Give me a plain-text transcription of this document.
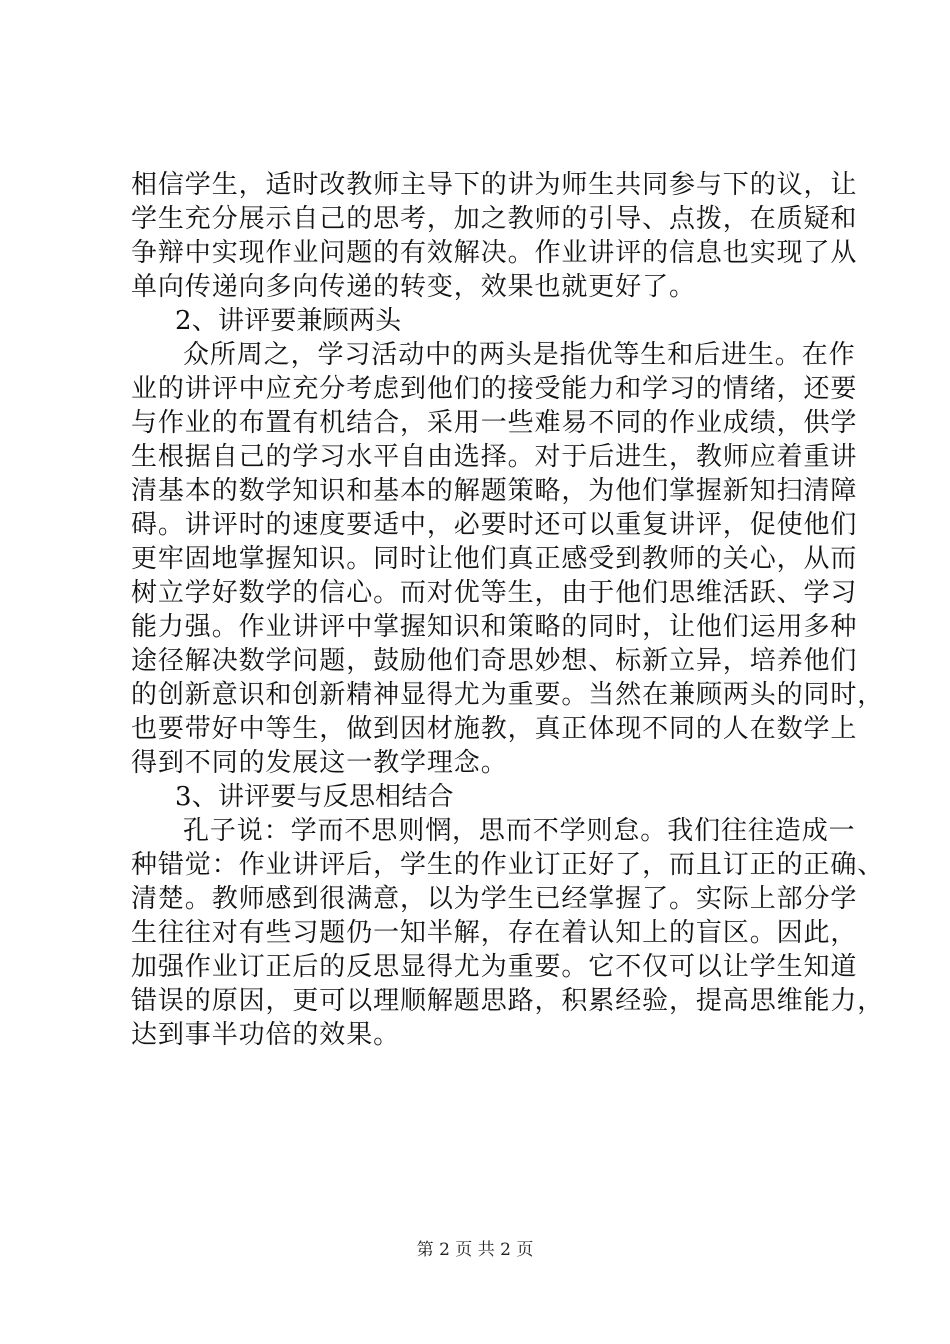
相信学生，适时改教师主导下的讲为师生共同参与下的议，让
学生充分展示自己的思考，加之教师的引导、点拨，在质疑和
争辩中实现作业问题的有效解决。作业讲评的信息也实现了从
单向传递向多向传递的转变，效果也就更好了。
2、讲评要兼顾两头
众所周之，学习活动中的两头是指优等生和后进生。在作
业的讲评中应充分考虑到他们的接受能力和学习的情绪，还要
与作业的布置有机结合，采用一些难易不同的作业成绩，供学
生根据自己的学习水平自由选择。对于后进生，教师应着重讲
清基本的数学知识和基本的解题策略，为他们掌握新知扫清障
碍。讲评时的速度要适中，必要时还可以重复讲评，促使他们
更牢固地掌握知识。同时让他们真正感受到教师的关心，从而
树立学好数学的信心。而对优等生，由于他们思维活跃、学习
能力强。作业讲评中掌握知识和策略的同时，让他们运用多种
途径解决数学问题，鼓励他们奇思妙想、标新立异，培养他们
的创新意识和创新精神显得尤为重要。当然在兼顾两头的同时，
也要带好中等生，做到因材施教，真正体现不同的人在数学上
得到不同的发展这一教学理念。
3、讲评要与反思相结合
孔子说：学而不思则惘，思而不学则怠。我们往往造成一
种错觉：作业讲评后，学生的作业订正好了，而且订正的正确、
清楚。教师感到很满意，以为学生已经掌握了。实际上部分学
生往往对有些习题仍一知半解，存在着认知上的盲区。因此，
加强作业订正后的反思显得尤为重要。它不仅可以让学生知道
错误的原因，更可以理顺解题思路，积累经验，提高思维能力，
达到事半功倍的效果。
第 2 页 共 2 页
